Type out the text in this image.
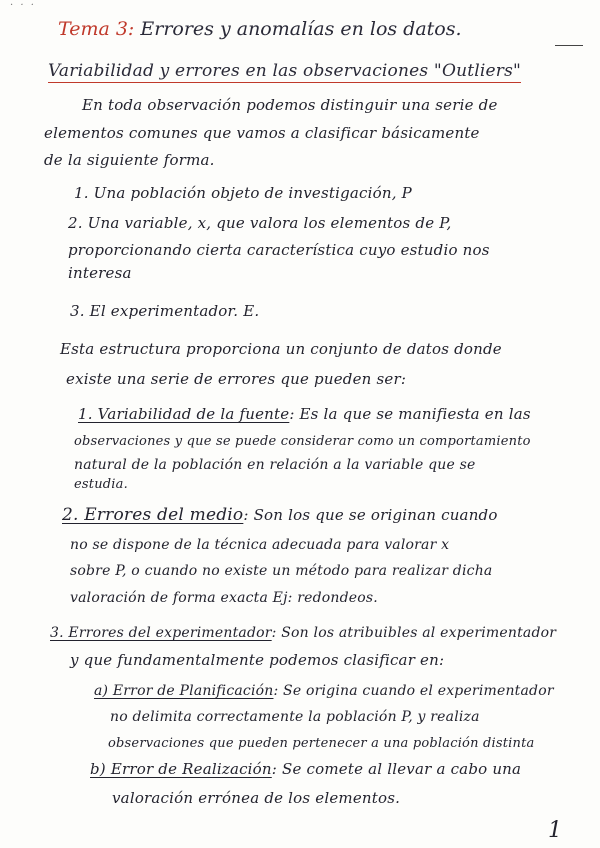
· · ·
Tema 3: Errores y anomalías en los datos.
Variabilidad y errores en las observaciones "Outliers"
En toda observación podemos distinguir una serie de
elementos comunes que vamos a clasificar básicamente
de la siguiente forma.
1. Una población objeto de investigación, P
2. Una variable, x, que valora los elementos de P,
proporcionando cierta característica cuyo estudio nos
interesa
3. El experimentador. E.
Esta estructura proporciona un conjunto de datos donde
existe una serie de errores que pueden ser:
1. Variabilidad de la fuente: Es la que se manifiesta en las
observaciones y que se puede considerar como un comportamiento
natural de la población en relación a la variable que se
estudia.
2. Errores del medio: Son los que se originan cuando
no se dispone de la técnica adecuada para valorar x
sobre P, o cuando no existe un método para realizar dicha
valoración de forma exacta Ej: redondeos.
3. Errores del experimentador: Son los atribuibles al experimentador
y que fundamentalmente podemos clasificar en:
a) Error de Planificación: Se origina cuando el experimentador
no delimita correctamente la población P, y realiza
observaciones que pueden pertenecer a una población distinta
b) Error de Realización: Se comete al llevar a cabo una
valoración errónea de los elementos.
1
